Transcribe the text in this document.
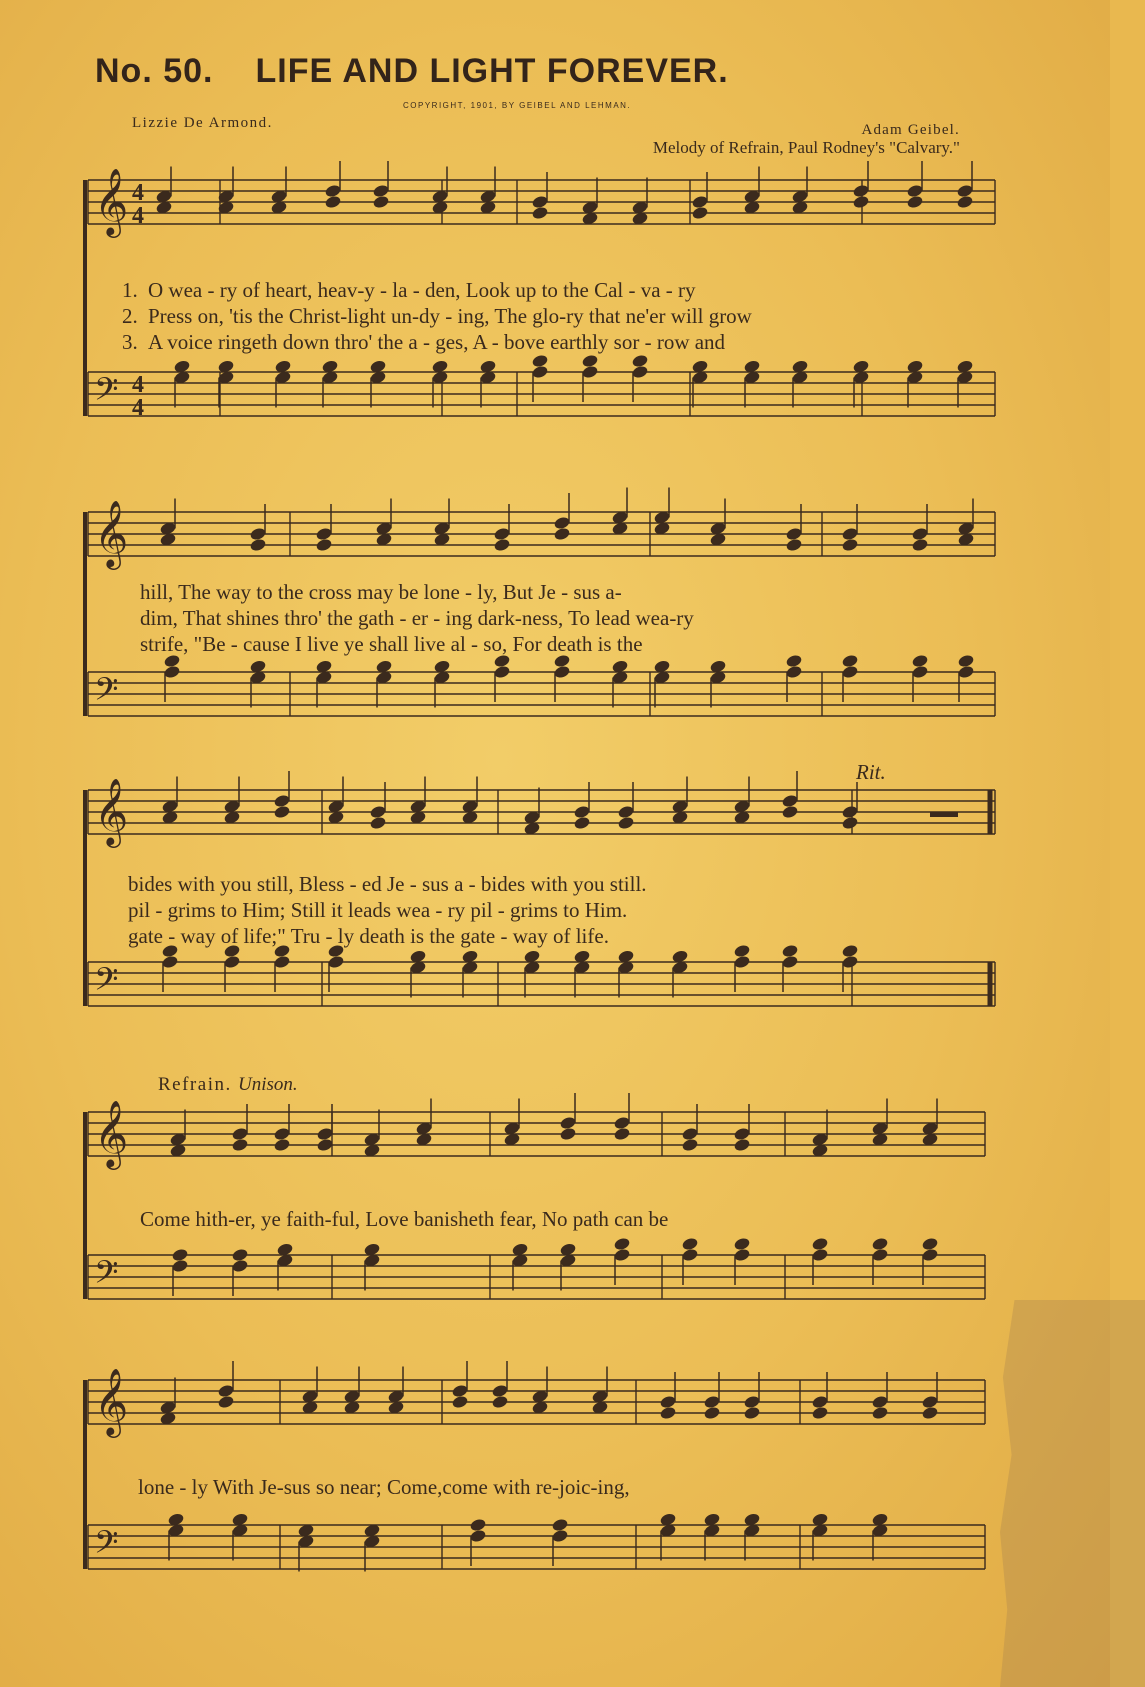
No. 50. LIFE AND LIGHT FOREVER.
COPYRIGHT, 1901, BY GEIBEL AND LEHMAN.
Lizzie De Armond.	Adam Geibel.
Melody of Refrain, Paul Rodney's "Calvary."
𝄞 4
4
𝄢 4
4
𝄞
𝄢
𝄞
𝄢
𝄞
𝄢
𝄞
𝄢
1. O wea - ry of heart, heav-y - la - den, Look up to the Cal - va - ry
2. Press on, 'tis the Christ-light un-dy - ing, The glo-ry that ne'er will grow
3. A voice ringeth down thro' the a - ges, A - bove earthly sor - row and
hill, The way to the cross may be lone - ly, But Je - sus a-
dim, That shines thro' the gath - er - ing dark-ness, To lead wea-ry
strife, "Be - cause I live ye shall live al - so, For death is the
Rit.
bides with you still, Bless - ed Je - sus a - bides with you still.
pil - grims to Him; Still it leads wea - ry pil - grims to Him.
gate - way of life;" Tru - ly death is the gate - way of life.
Refrain. Unison.
Come hith-er, ye faith-ful, Love banisheth fear, No path can be
lone - ly With Je-sus so near; Come,come with re-joic-ing,
